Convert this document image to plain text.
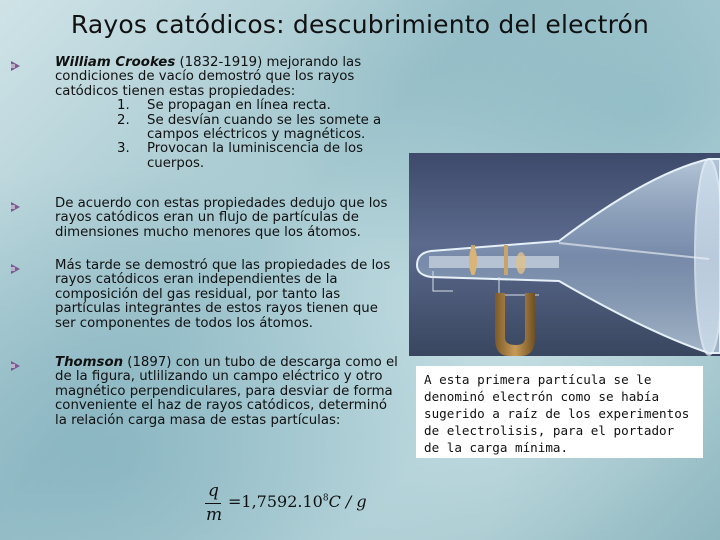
Rayos catódicos: descubrimiento del electrón
William Crookes (1832-1919) mejorando las condiciones de vacío demostró que los rayos catódicos tienen estas propiedades:
1. Se propagan en línea recta.
2. Se desvían cuando se les somete a campos eléctricos y magnéticos.
3. Provocan la luminiscencia de los cuerpos.
De acuerdo con estas propiedades dedujo que los rayos catódicos eran un flujo de partículas de dimensiones mucho menores que los átomos.
Más tarde se demostró que las propiedades de los rayos catódicos eran independientes de la composición del gas residual, por tanto las partículas integrantes de estos rayos tienen que ser componentes de todos los átomos.
Thomson (1897) con un tubo de descarga como el de la figura, utlilizando un campo eléctrico y otro magnético perpendiculares, para desviar de forma conveniente el haz de rayos catódicos, determinó la relación carga masa de estas partículas:
A esta primera partícula se le denominó electrón como se había sugerido a raíz de los experimentos de electrolisis, para el portador de la carga mínima.
q
m
$=1,7592.10^8C / g$
